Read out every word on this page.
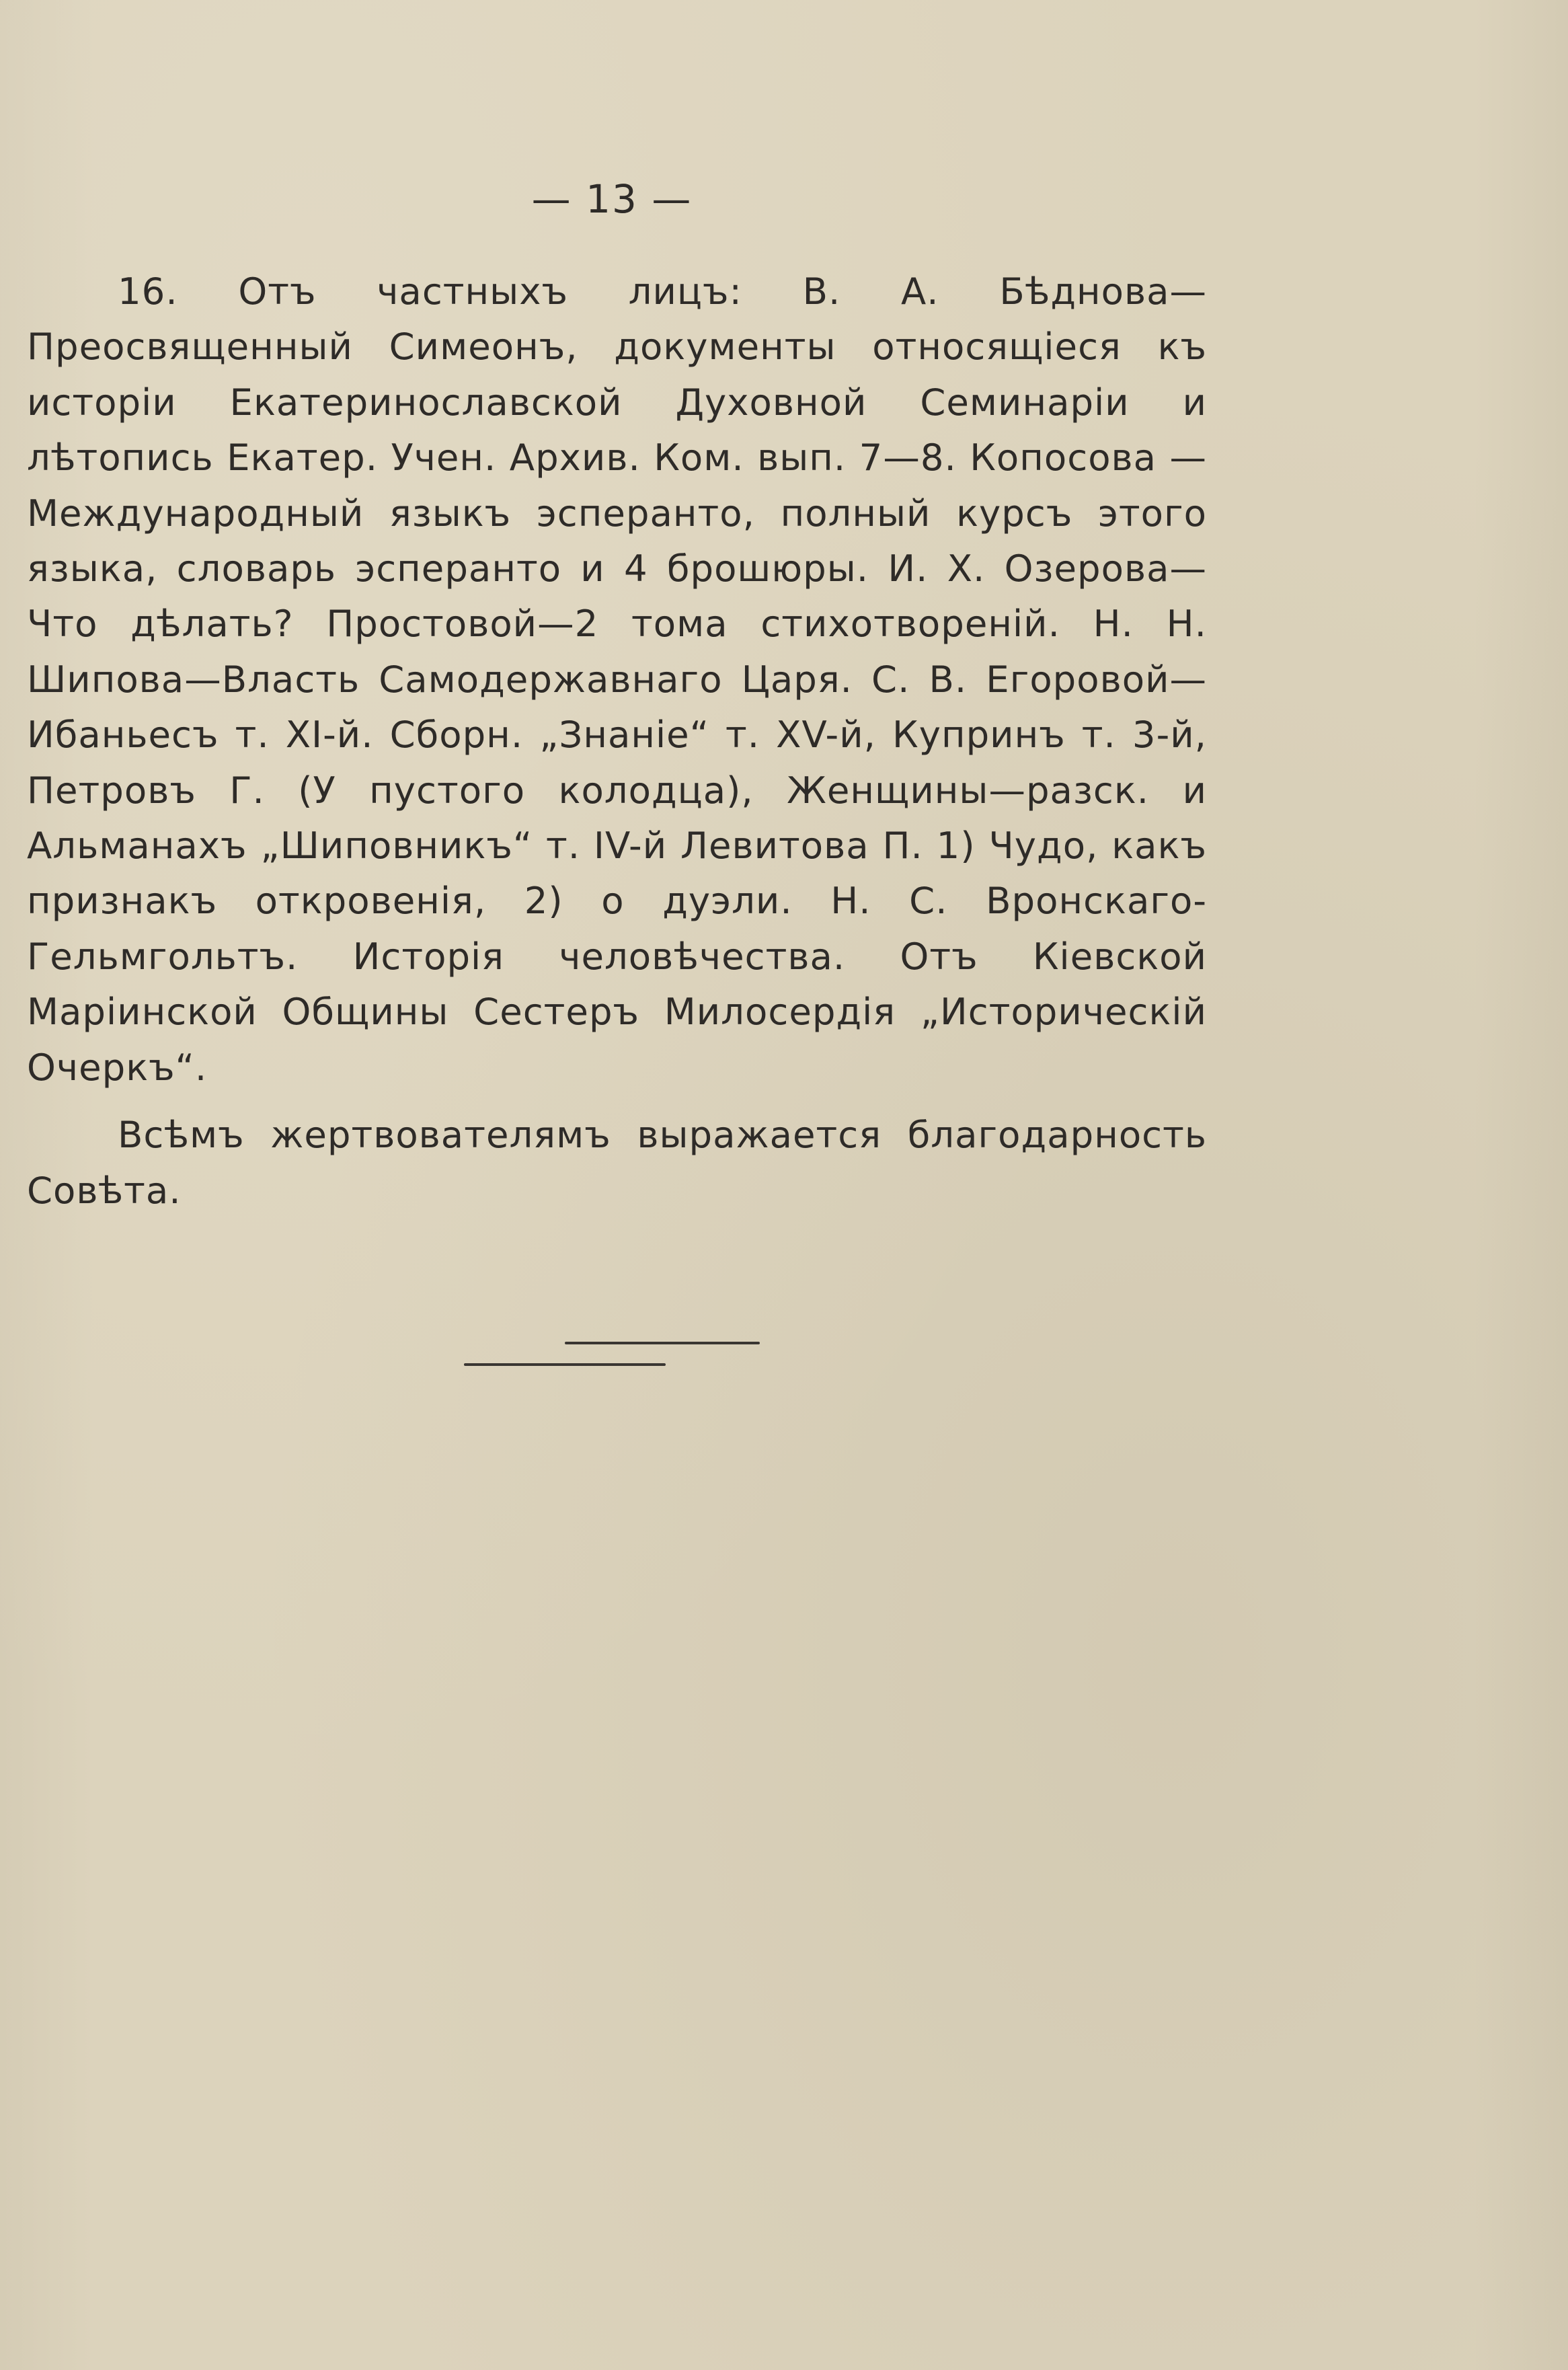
— 13 —

16. Отъ частныхъ лицъ: В. А. Бѣднова—Преосвященный Симеонъ, документы относящіеся къ исторіи Екатеринославской Духовной Семинаріи и лѣтопись Екатер. Учен. Архив. Ком. вып. 7—8. Копосова —Международный языкъ эсперанто, полный курсъ этого языка, словарь эсперанто и 4 брошюры. И. Х. Озерова—Что дѣлать? Простовой—2 тома стихотвореній. Н. Н. Шипова—Власть Самодержавнаго Царя. С. В. Егоровой—Ибаньесъ т. XI-й. Сборн. „Знаніе“ т. XV-й, Купринъ т. 3-й, Петровъ Г. (У пустого колодца), Женщины—разск. и Альманахъ „Шиповникъ“ т. IV-й Левитова П. 1) Чудо, какъ признакъ откровенія, 2) о дуэли. Н. С. Вронскаго-Гельмгольтъ. Исторія человѣчества. Отъ Кіевской Маріинской Общины Сестеръ Милосердія „Историческій Очеркъ“.

Всѣмъ жертвователямъ выражается благодарность Совѣта.
